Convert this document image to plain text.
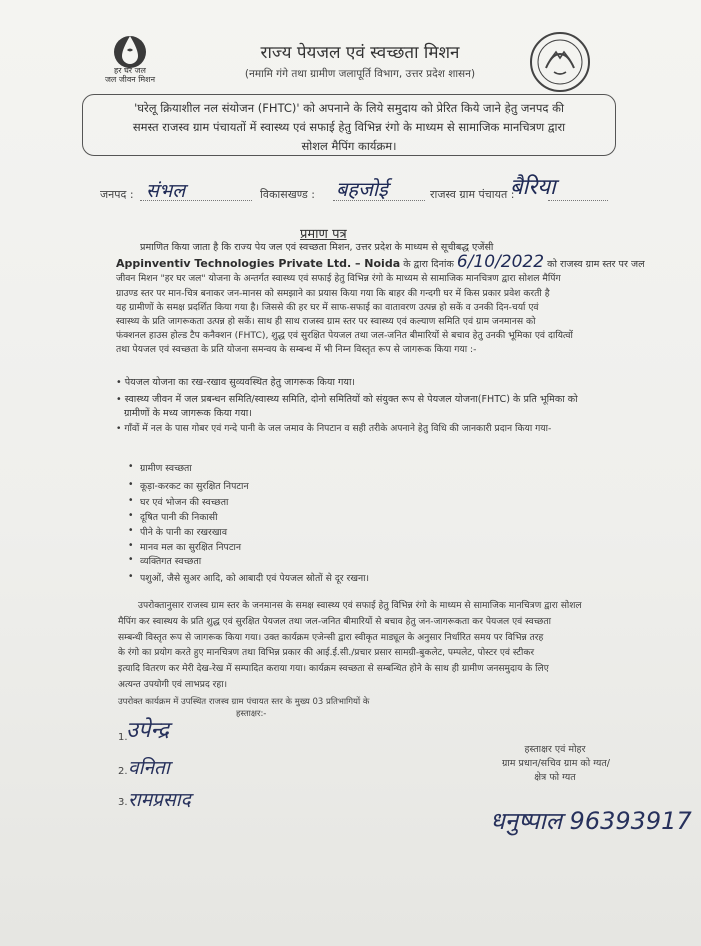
हर घर जल
जल जीवन मिशन
राज्य पेयजल एवं स्वच्छता मिशन
(नमामि गंगे तथा ग्रामीण जलापूर्ति विभाग, उत्तर प्रदेश शासन)
'घरेलू क्रियाशील नल संयोजन (FHTC)' को अपनाने के लिये समुदाय को प्रेरित किये जाने हेतु जनपद की
समस्त राजस्व ग्राम पंचायतों में स्वास्थ्य एवं सफाई हेतु विभिन्न रंगो के माध्यम से सामाजिक मानचित्रण द्वारा
सोशल मैपिंग कार्यक्रम।
जनपद : संभल	विकासखण्ड : बहजोई	राजस्व ग्राम पंचायत :
बैरिया
प्रमाण पत्र
प्रमाणित किया जाता है कि राज्य पेय जल एवं स्वच्छता मिशन, उत्तर प्रदेश के माध्यम से सूचीबद्ध एजेंसी
Appinventiv Technologies Private Ltd. – Noida के द्वारा दिनांक 6/10/2022 को राजस्व ग्राम स्तर पर जल
जीवन मिशन "हर घर जल" योजना के अन्तर्गत स्वास्थ्य एवं सफाई हेतु विभिन्न रंगो के माध्यम से सामाजिक मानचित्रण द्वारा सोशल मैपिंग
ग्राउण्ड स्तर पर मान-चित्र बनाकर जन-मानस को समझाने का प्रयास किया गया कि बाहर की गन्दगी घर में किस प्रकार प्रवेश करती है
यह ग्रामीणों के समक्ष प्रदर्शित किया गया है। जिससे की हर घर में साफ-सफाई का वातावरण उत्पन्न हो सकें व उनकी दिन-चर्या एवं
स्वास्थ्य के प्रति जागरूकता उत्पन्न हो सकें। साथ ही साथ राजस्व ग्राम स्तर पर स्वास्थ्य एवं कल्याण समिति एवं ग्राम जनमानस को
फंक्शनल हाउस होल्ड टैप कनैक्शन (FHTC), शुद्ध एवं सुरक्षित पेयजल तथा जल-जनित बीमारियों से बचाव हेतु उनकी भूमिका एवं दायित्वों
तथा पेयजल एवं स्वच्छता के प्रति योजना समन्वय के सम्बन्ध में भी निम्न विस्तृत रूप से जागरूक किया गया :-
• पेयजल योजना का रख-रखाव सुव्यवस्थित हेतु जागरूक किया गया।
• स्वास्थ्य जीवन में जल प्रबन्धन समिति/स्वास्थ्य समिति, दोनो समितियों को संयुक्त रूप से पेयजल योजना(FHTC) के प्रति भूमिका को
ग्रामीणों के मध्य जागरूक किया गया।
• गाँवों में नल के पास गोबर एवं गन्दे पानी के जल जमाव के निपटान व सही तरीके अपनाने हेतु विधि की जानकारी प्रदान किया गया-
• ग्रामीण स्वच्छता
• कूड़ा-करकट का सुरक्षित निपटान
• घर एवं भोजन की स्वच्छता
• दूषित पानी की निकासी
• पीने के पानी का रखरखाव
• मानव मल का सुरक्षित निपटान
• व्यक्तिगत स्वच्छता
• पशुओं, जैसे सुअर आदि, को आबादी एवं पेयजल स्रोतों से दूर रखना।
उपरोक्तानुसार राजस्व ग्राम स्तर के जनमानस के समक्ष स्वास्थ्य एवं सफाई हेतु विभिन्न रंगो के माध्यम से सामाजिक मानचित्रण द्वारा सोशल
मैपिंग कर स्वास्थय के प्रति शुद्ध एवं सुरक्षित पेयजल तथा जल-जनित बीमारियों से बचाव हेतु जन-जागरूकता कर पेयजल एवं स्वच्छता
सम्बन्धी विस्तृत रूप से जागरूक किया गया। उक्त कार्यक्रम एजेन्सी द्वारा स्वीकृत माड्यूल के अनुसार निर्धारित समय पर विभिन्न तरह
के रंगो का प्रयोग करते हुए मानचित्रण तथा विभिन्न प्रकार की आई.ई.सी./प्रचार प्रसार सामग्री-बुकलेट, पम्पलेट, पोस्टर एवं स्टीकर
इत्यादि वितरण कर मेरी देख-रेख में सम्पादित कराया गया। कार्यक्रम स्वच्छता से सम्बन्धित होने के साथ ही ग्रामीण जनसमुदाय के लिए
अत्यन्त उपयोगी एवं लाभप्रद रहा।
उपरोक्त कार्यक्रम में उपस्थित राजस्व ग्राम पंचायत स्तर के मुख्य 03 प्रतिभागियों के
हस्ताक्षर:-
1.
उपेन्द्र
2. वनिता
3. रामप्रसाद
हस्ताक्षर एवं मोहर
ग्राम प्रधान/सचिव ग्राम को ग्यत/
क्षेत्र फो ग्यत
धनुष्पाल 96393917
